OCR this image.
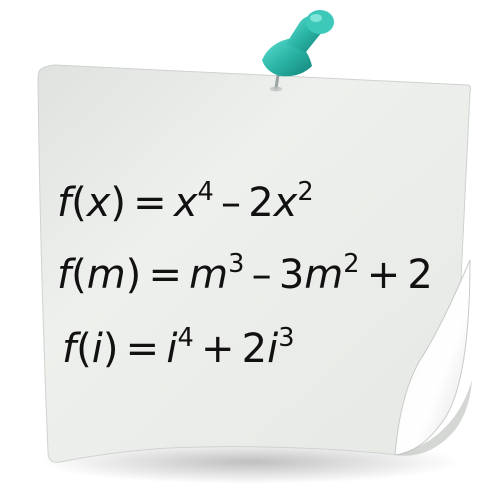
$f(x) = x^4 - 2x^2$

$f(m) = m^3 - 3m^2 + 2$

$f(i) = i^4 + 2i^3$
